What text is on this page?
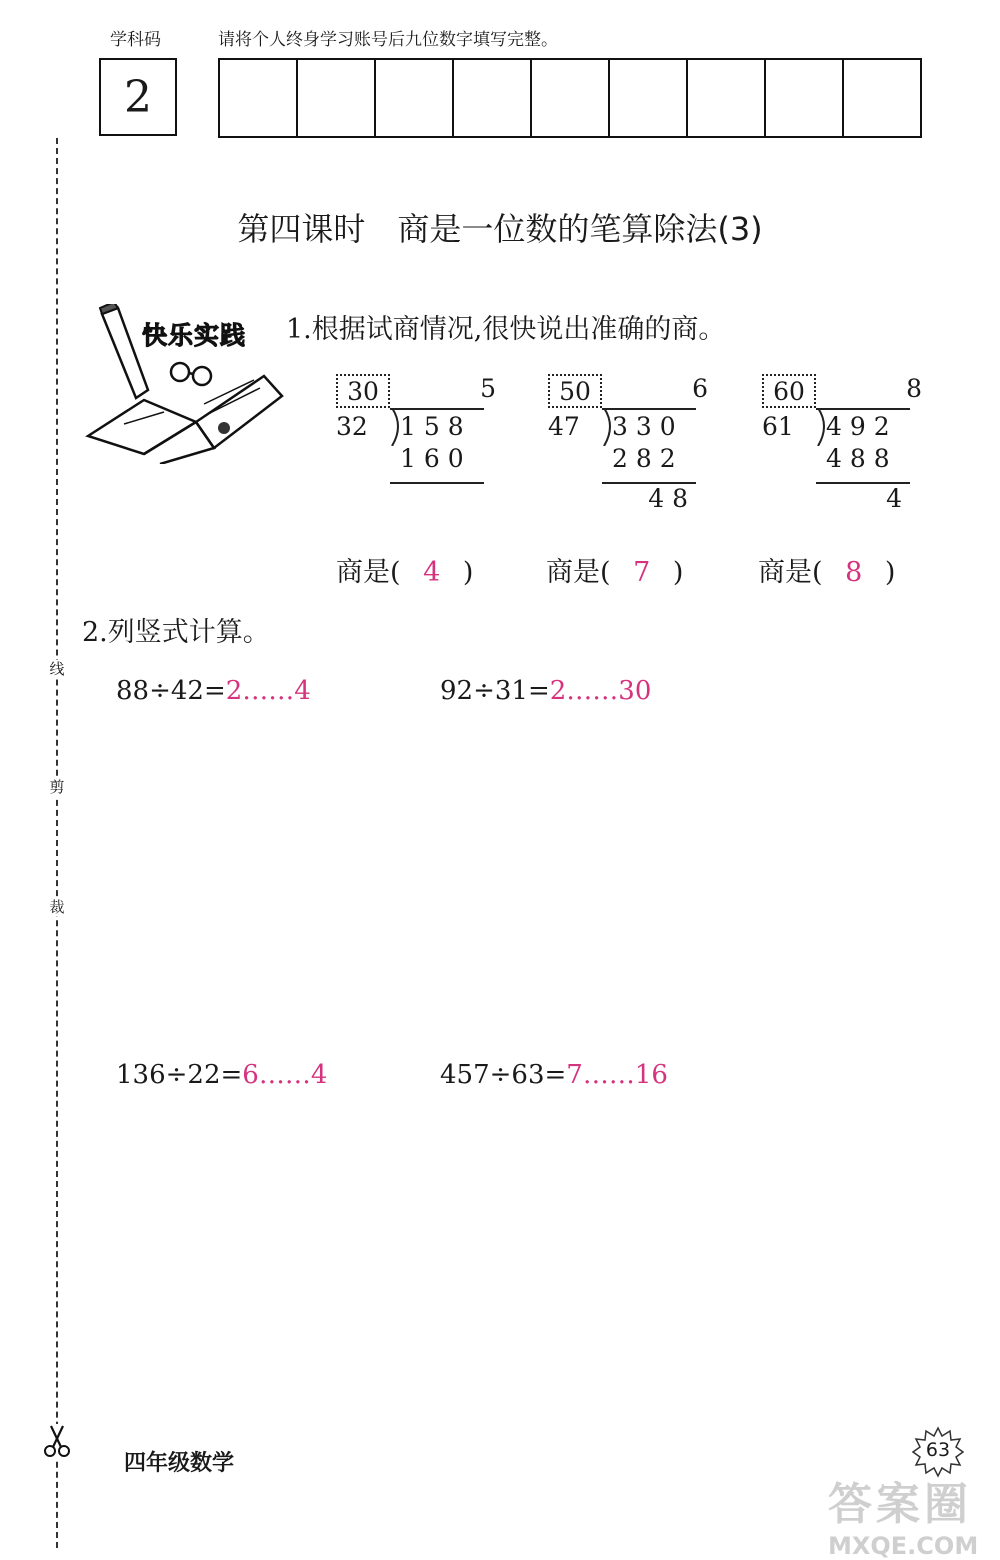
学科码	请将个人终身学习账号后九位数字填写完整。
2
线
剪
裁
第四课时　商是一位数的笔算除法(3)
快乐实践 1.根据试商情况,很快说出准确的商。
30	5
32 158
160
50	6
47 330
282
48
60	8
61 492
488
4
商是( 4 )	商是( 7 )	商是( 8 )
2.列竖式计算。
88÷42=2……4	92÷31=2……30
136÷22=6……4	457÷63=7……16
四年级数学
63
答案圈
MXQE.COM
